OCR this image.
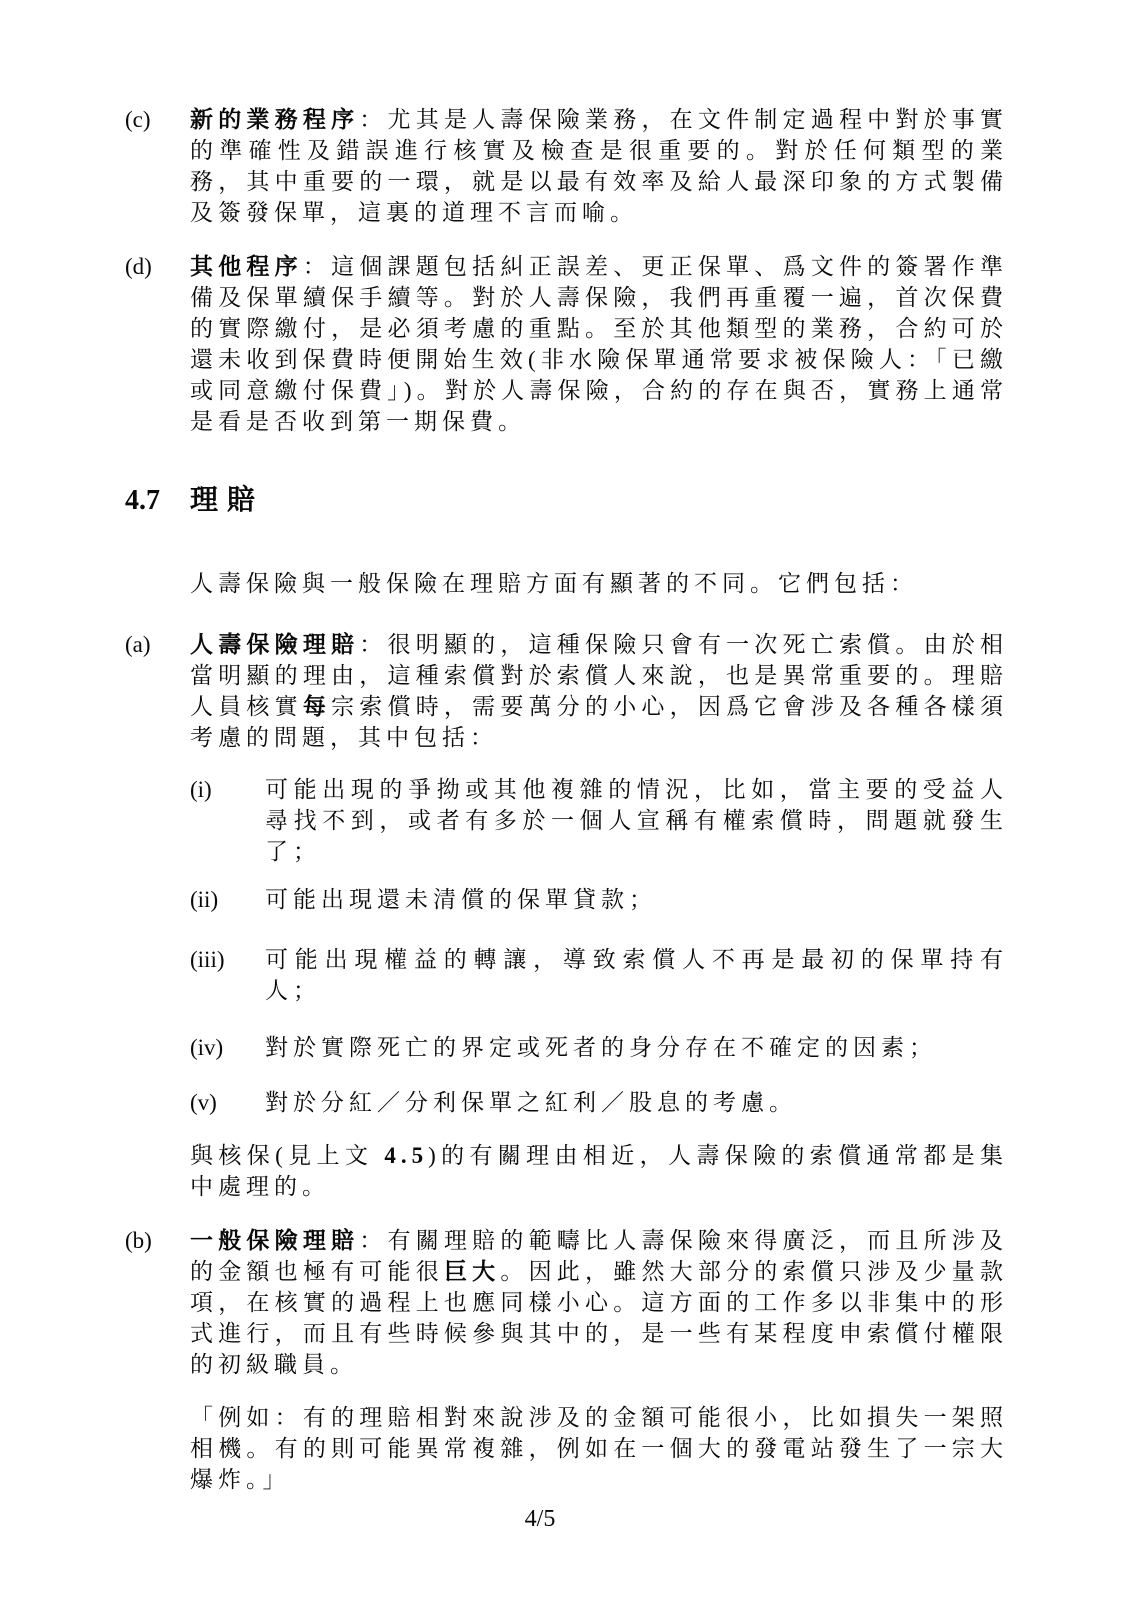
(c)	新的業務程序：尤其是人壽保險業務，在文件制定過程中對於事實的準確性及錯誤進行核實及檢查是很重要的。對於任何類型的業務，其中重要的一環，就是以最有效率及給人最深印象的方式製備及簽發保單，這裏的道理不言而喻。
(d)	其他程序：這個課題包括糾正誤差、更正保單、爲文件的簽署作準備及保單續保手續等。對於人壽保險，我們再重覆一遍，首次保費的實際繳付，是必須考慮的重點。至於其他類型的業務，合約可於還未收到保費時便開始生效(非水險保單通常要求被保險人：「已繳或同意繳付保費」)。對於人壽保險，合約的存在與否，實務上通常是看是否收到第一期保費。
4.7	理賠
人壽保險與一般保險在理賠方面有顯著的不同。它們包括：
(a)	人壽保險理賠：很明顯的，這種保險只會有一次死亡索償。由於相當明顯的理由，這種索償對於索償人來說，也是異常重要的。理賠人員核實每宗索償時，需要萬分的小心，因爲它會涉及各種各樣須考慮的問題，其中包括：
(i)	可能出現的爭拗或其他複雜的情況，比如，當主要的受益人尋找不到，或者有多於一個人宣稱有權索償時，問題就發生了；
(ii)	可能出現還未清償的保單貸款；
(iii)	可能出現權益的轉讓，導致索償人不再是最初的保單持有人；
(iv)	對於實際死亡的界定或死者的身分存在不確定的因素；
(v)	對於分紅／分利保單之紅利／股息的考慮。
與核保(見上文 4.5)的有關理由相近，人壽保險的索償通常都是集中處理的。
(b)	一般保險理賠：有關理賠的範疇比人壽保險來得廣泛，而且所涉及的金額也極有可能很巨大。因此，雖然大部分的索償只涉及少量款項，在核實的過程上也應同樣小心。這方面的工作多以非集中的形式進行，而且有些時候參與其中的，是一些有某程度申索償付權限的初級職員。
「例如：有的理賠相對來說涉及的金額可能很小，比如損失一架照相機。有的則可能異常複雜，例如在一個大的發電站發生了一宗大爆炸。」
4/5
